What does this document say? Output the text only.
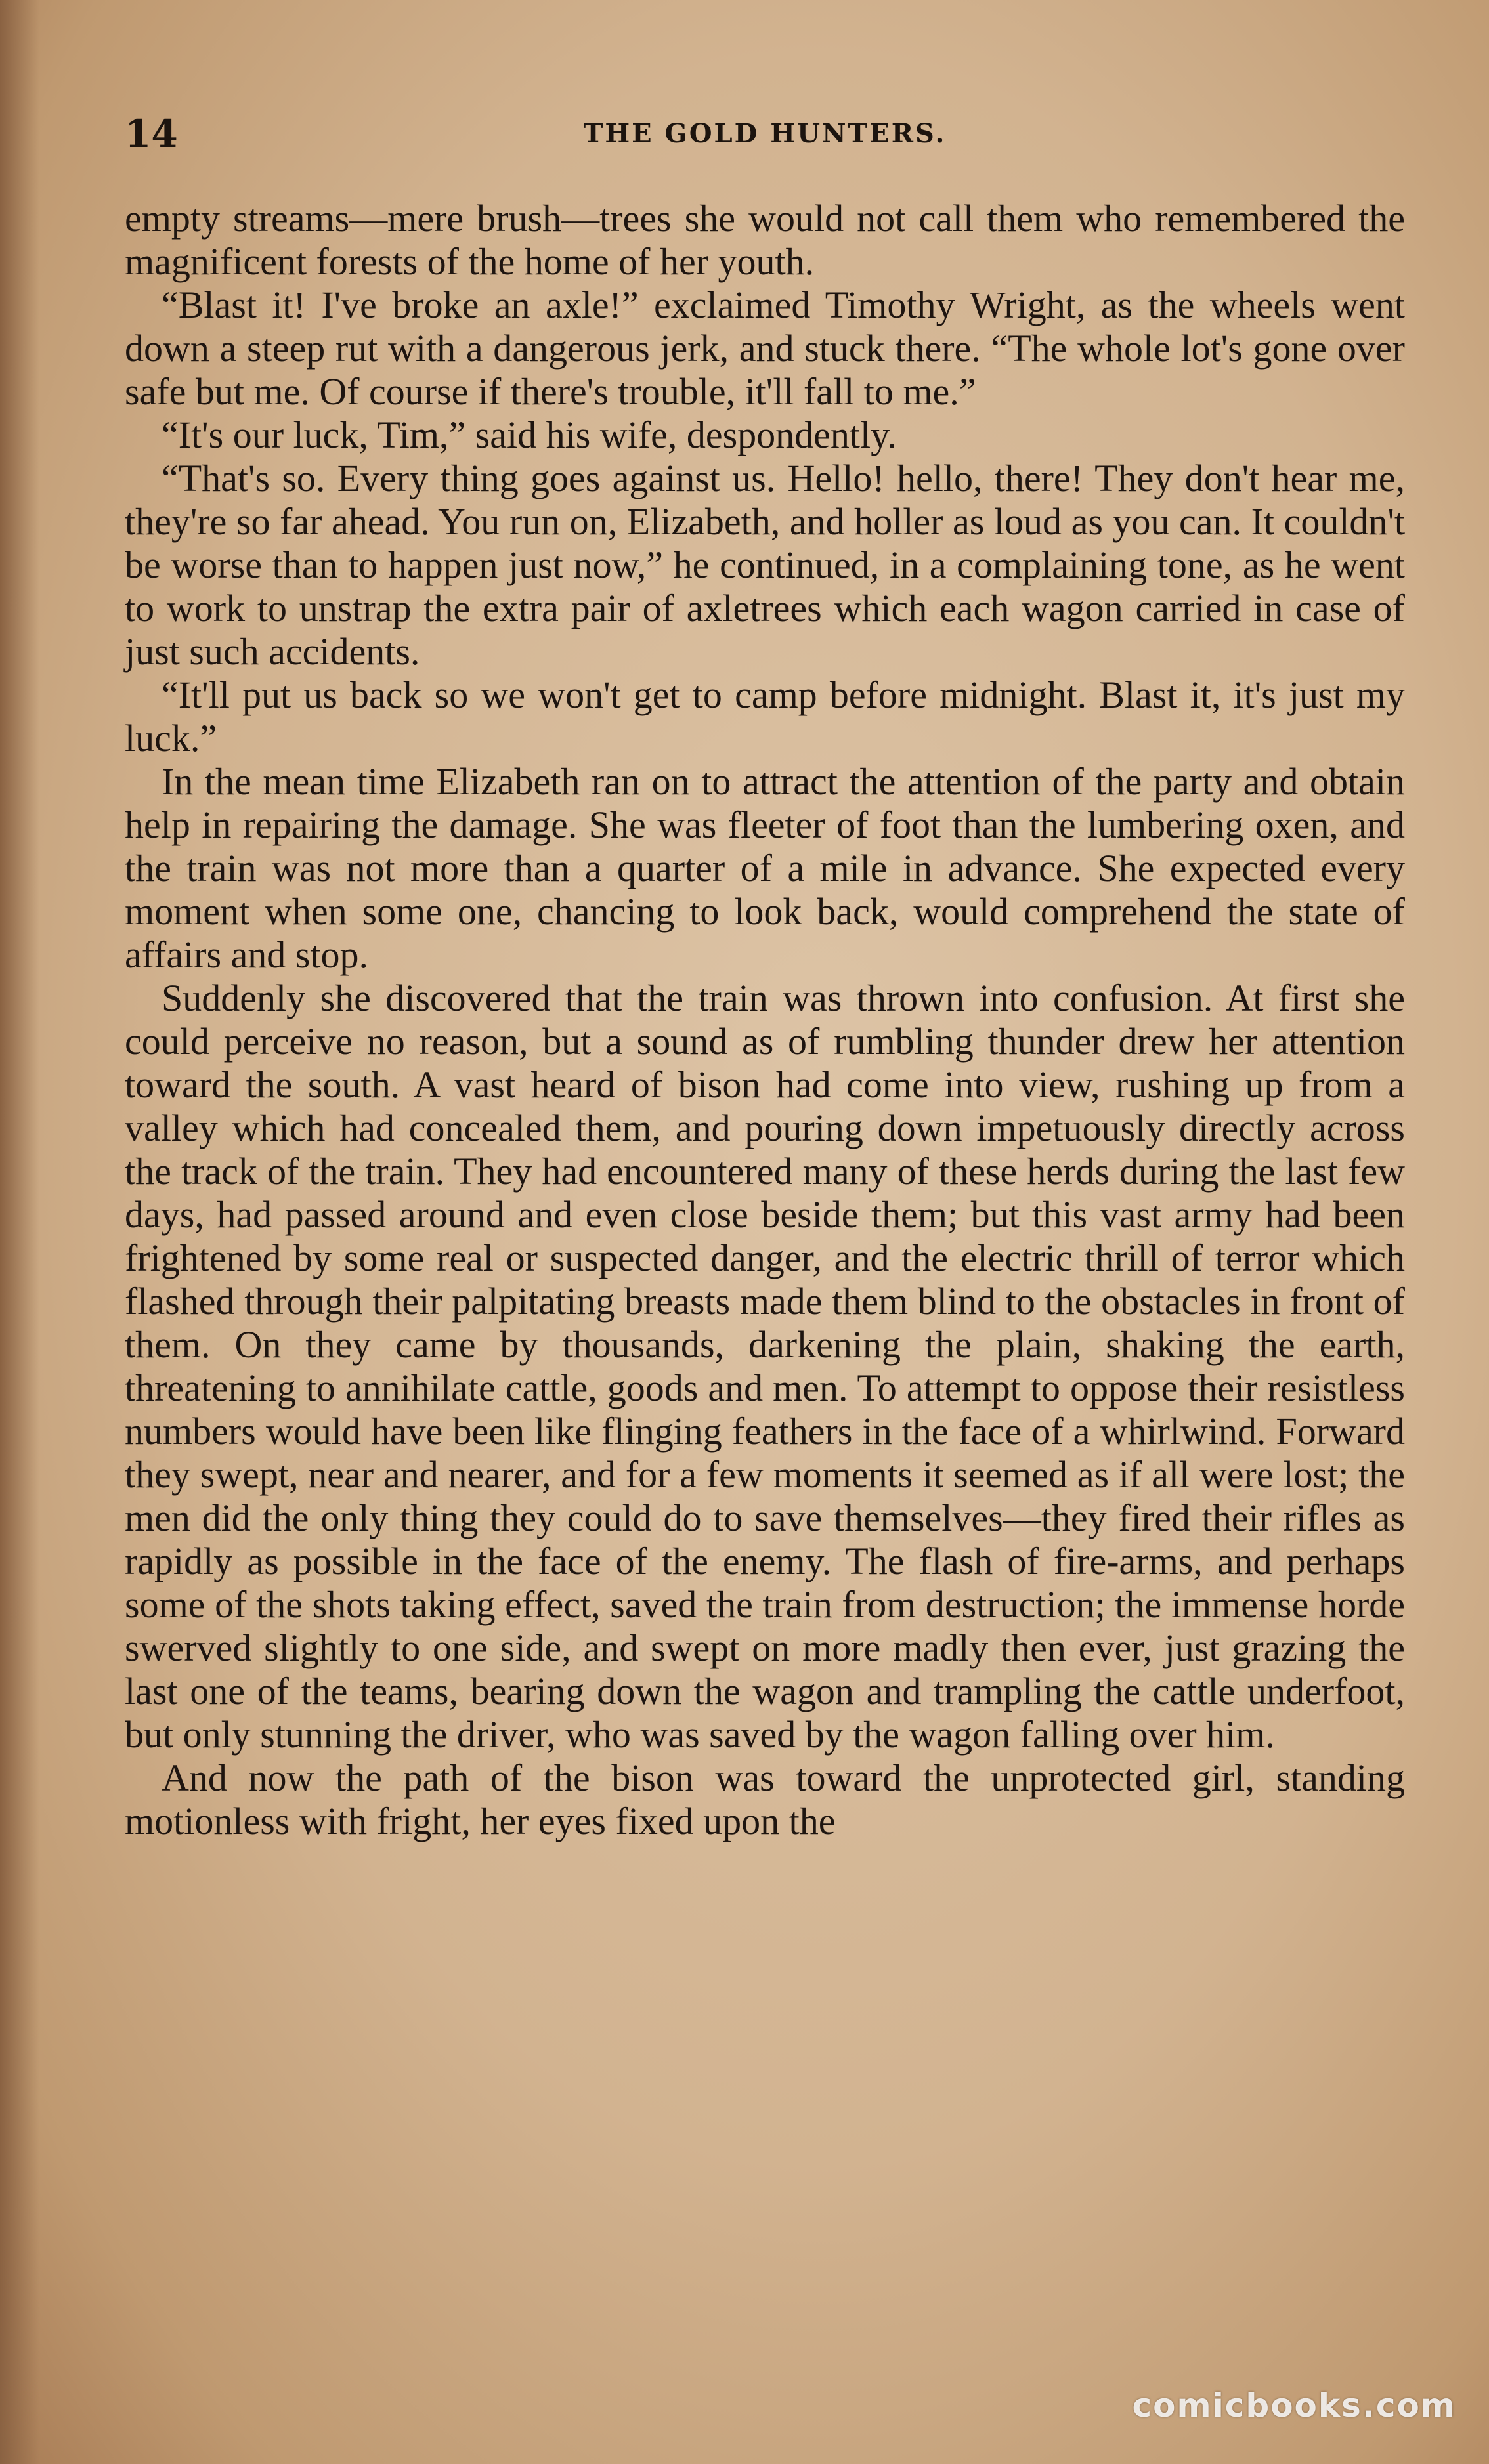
14	THE GOLD HUNTERS.

empty streams—mere brush—trees she would not call them who remembered the magnificent forests of the home of her youth.

“Blast it! I've broke an axle!” exclaimed Timothy Wright, as the wheels went down a steep rut with a dangerous jerk, and stuck there. “The whole lot's gone over safe but me. Of course if there's trouble, it'll fall to me.”

“It's our luck, Tim,” said his wife, despondently.

“That's so. Every thing goes against us. Hello! hello, there! They don't hear me, they're so far ahead. You run on, Elizabeth, and holler as loud as you can. It couldn't be worse than to happen just now,” he continued, in a complaining tone, as he went to work to unstrap the extra pair of axletrees which each wagon carried in case of just such accidents.

“It'll put us back so we won't get to camp before midnight. Blast it, it's just my luck.”

In the mean time Elizabeth ran on to attract the attention of the party and obtain help in repairing the damage. She was fleeter of foot than the lumbering oxen, and the train was not more than a quarter of a mile in advance. She expected every moment when some one, chancing to look back, would comprehend the state of affairs and stop.

Suddenly she discovered that the train was thrown into confusion. At first she could perceive no reason, but a sound as of rumbling thunder drew her attention toward the south. A vast heard of bison had come into view, rushing up from a valley which had concealed them, and pouring down impetuously directly across the track of the train. They had encountered many of these herds during the last few days, had passed around and even close beside them; but this vast army had been frightened by some real or suspected danger, and the electric thrill of terror which flashed through their palpitating breasts made them blind to the obstacles in front of them. On they came by thousands, darkening the plain, shaking the earth, threatening to annihilate cattle, goods and men. To attempt to oppose their resistless numbers would have been like flinging feathers in the face of a whirlwind. Forward they swept, near and nearer, and for a few moments it seemed as if all were lost; the men did the only thing they could do to save themselves—they fired their rifles as rapidly as possible in the face of the enemy. The flash of fire-arms, and perhaps some of the shots taking effect, saved the train from destruction; the immense horde swerved slightly to one side, and swept on more madly then ever, just grazing the last one of the teams, bearing down the wagon and trampling the cattle underfoot, but only stunning the driver, who was saved by the wagon falling over him.

And now the path of the bison was toward the unprotected girl, standing motionless with fright, her eyes fixed upon the

comicbooks.com
